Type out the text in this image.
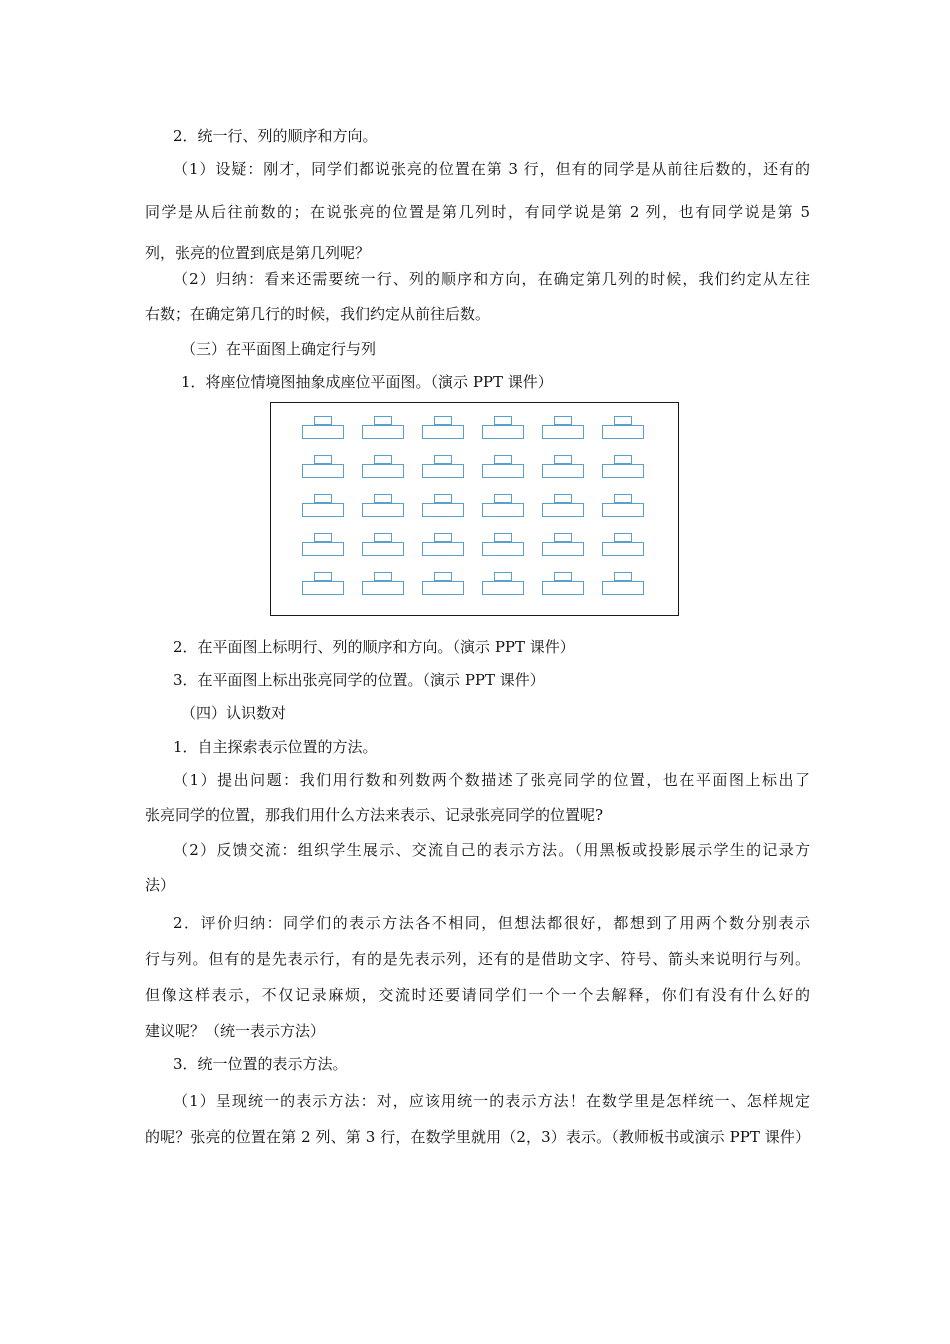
2．统一行、列的顺序和方向。

（1）设疑：刚才，同学们都说张亮的位置在第 3 行，但有的同学是从前往后数的，还有的

同学是从后往前数的；在说张亮的位置是第几列时，有同学说是第 2 列，也有同学说是第 5

列，张亮的位置到底是第几列呢？

（2）归纳：看来还需要统一行、列的顺序和方向，在确定第几列的时候，我们约定从左往

右数；在确定第几行的时候，我们约定从前往后数。

（三）在平面图上确定行与列

1．将座位情境图抽象成座位平面图。（演示 PPT 课件）

2．在平面图上标明行、列的顺序和方向。（演示 PPT 课件）

3．在平面图上标出张亮同学的位置。（演示 PPT 课件）

（四）认识数对

1．自主探索表示位置的方法。

（1）提出问题：我们用行数和列数两个数描述了张亮同学的位置，也在平面图上标出了

张亮同学的位置，那我们用什么方法来表示、记录张亮同学的位置呢?

（2）反馈交流：组织学生展示、交流自己的表示方法。（用黑板或投影展示学生的记录方

法）

2．评价归纳：同学们的表示方法各不相同，但想法都很好，都想到了用两个数分别表示

行与列。但有的是先表示行，有的是先表示列，还有的是借助文字、符号、箭头来说明行与列。

但像这样表示，不仅记录麻烦，交流时还要请同学们一个一个去解释，你们有没有什么好的

建议呢？（统一表示方法）

3．统一位置的表示方法。

（1）呈现统一的表示方法：对，应该用统一的表示方法！在数学里是怎样统一、怎样规定

的呢？张亮的位置在第 2 列、第 3 行，在数学里就用（2，3）表示。（教师板书或演示 PPT 课件）
